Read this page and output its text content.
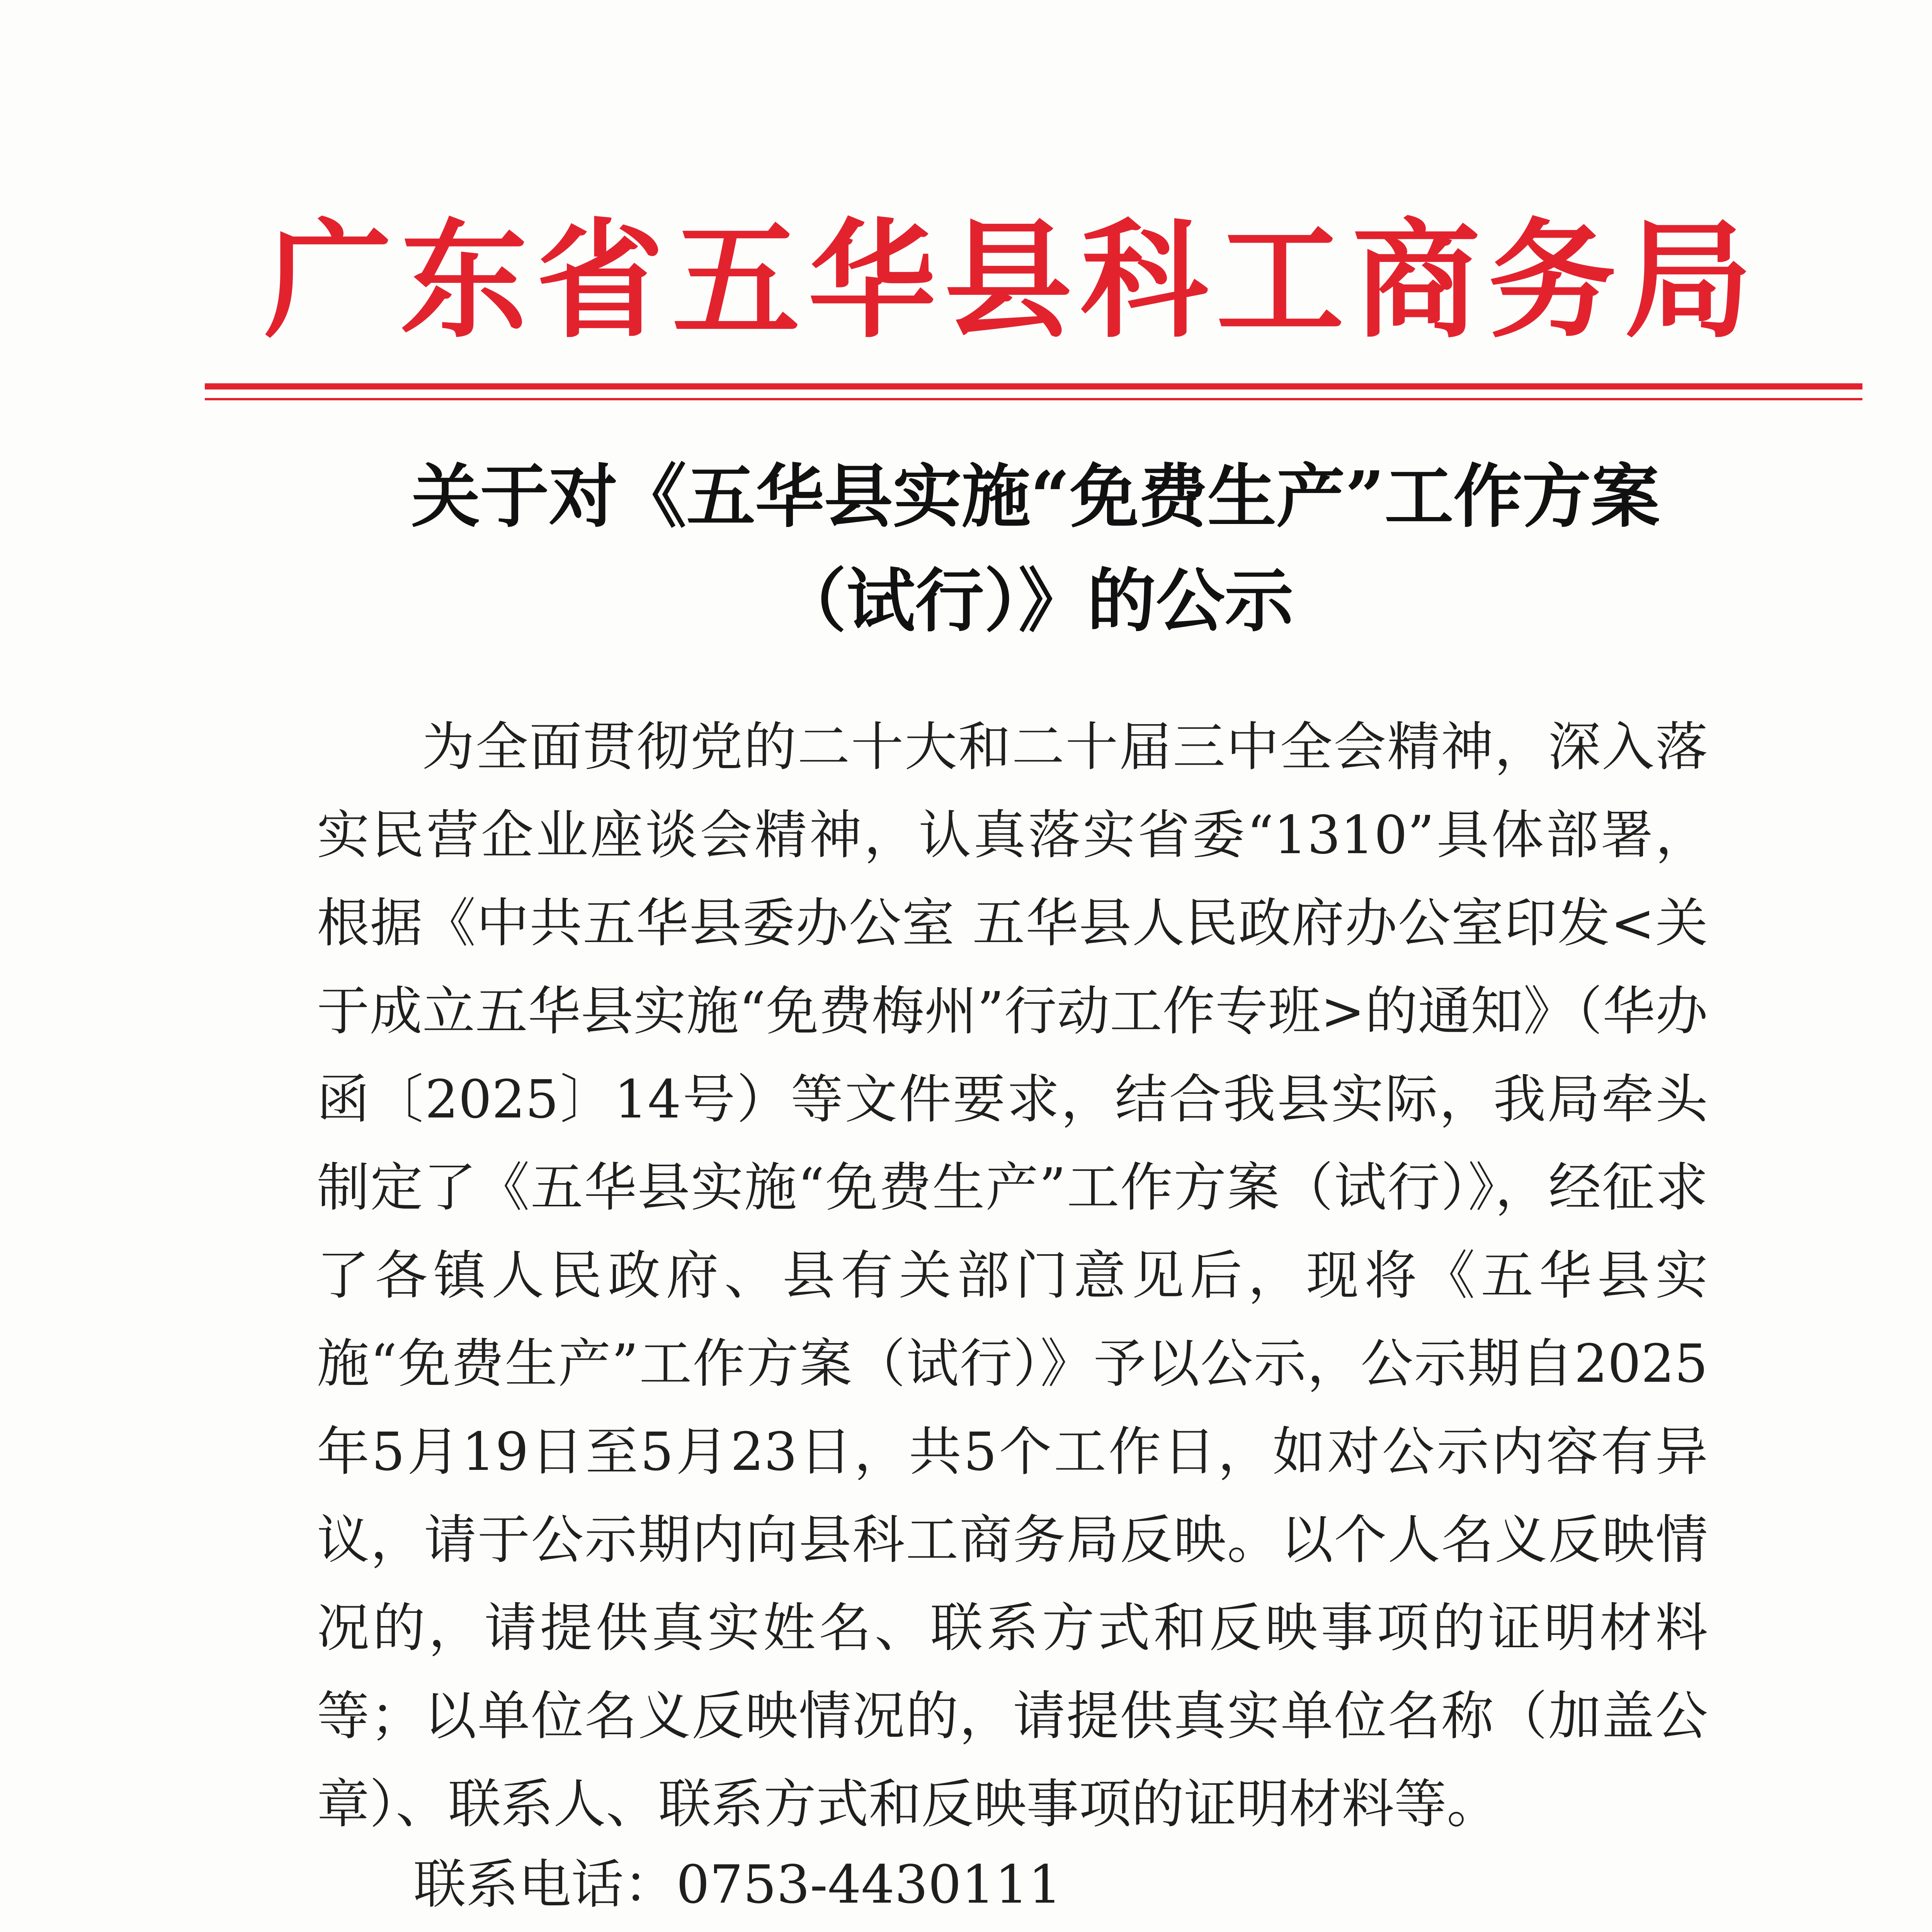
广东省五华县科工商务局
关于对《五华县实施“免费生产”工作方案
（试行）》的公示

为全面贯彻党的二十大和二十届三中全会精神，深入落实民营企业座谈会精神，认真落实省委“1310”具体部署，根据《中共五华县委办公室 五华县人民政府办公室印发<关于成立五华县实施“免费梅州”行动工作专班>的通知》（华办函〔2025〕14号）等文件要求，结合我县实际，我局牵头制定了《五华县实施“免费生产”工作方案（试行）》，经征求了各镇人民政府、县有关部门意见后，现将《五华县实施“免费生产”工作方案（试行）》予以公示，公示期自2025年5月19日至5月23日，共5个工作日，如对公示内容有异议，请于公示期内向县科工商务局反映。以个人名义反映情况的，请提供真实姓名、联系方式和反映事项的证明材料等；以单位名义反映情况的，请提供真实单位名称（加盖公章）、联系人、联系方式和反映事项的证明材料等。

联系电话：0753-4430111
